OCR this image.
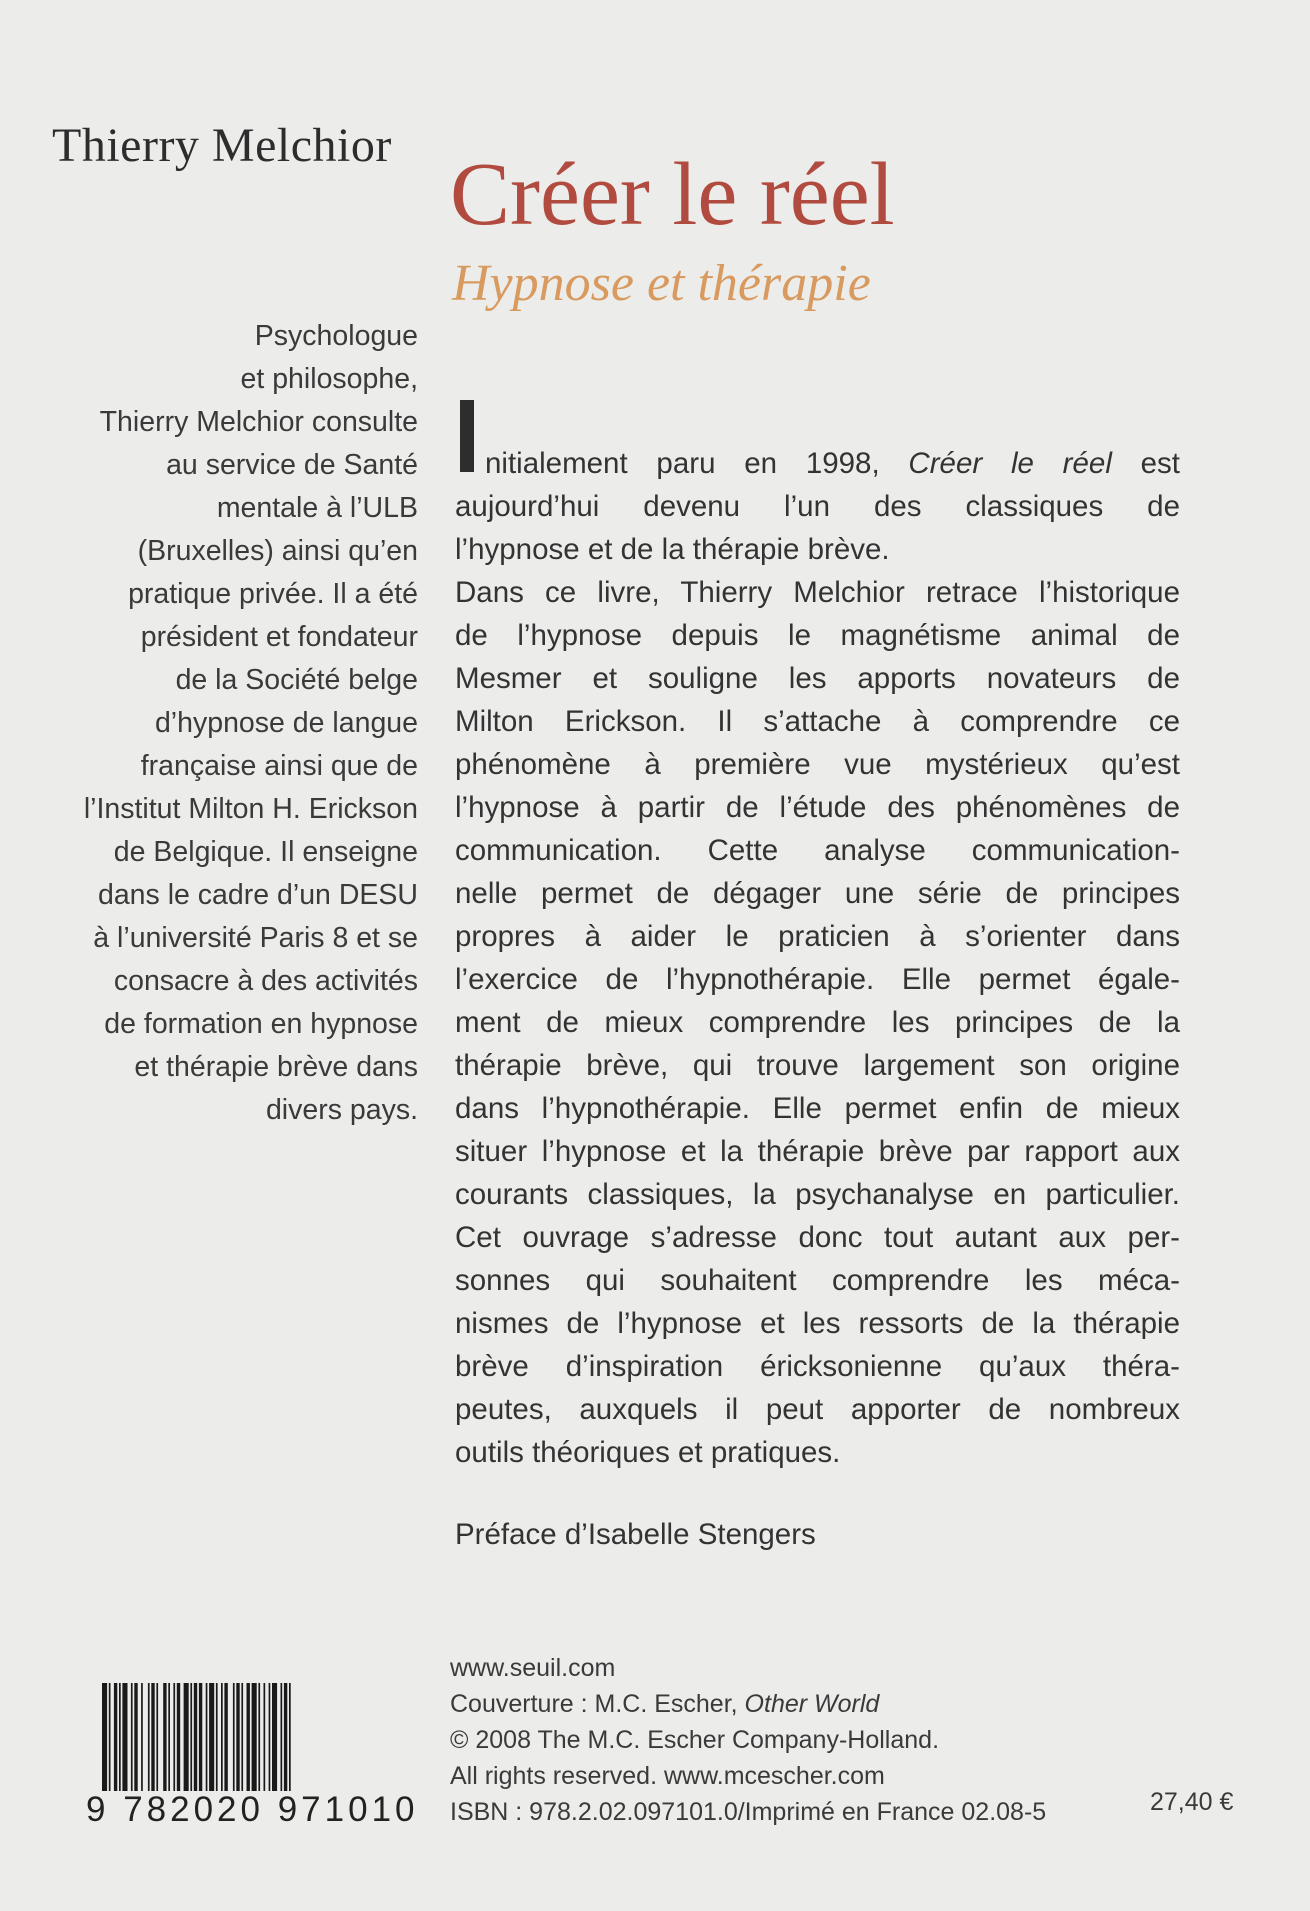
Thierry Melchior Créer le réel
Hypnose et thérapie
Psychologue
et philosophe,
Thierry Melchior consulte
au service de Santé
mentale à l’ULB
(Bruxelles) ainsi qu’en
pratique privée. Il a été
président et fondateur
de la Société belge
d’hypnose de langue
française ainsi que de
l’Institut Milton H. Erickson
de Belgique. Il enseigne
dans le cadre d’un DESU
à l’université Paris 8 et se
consacre à des activités
de formation en hypnose
et thérapie brève dans
divers pays.
nitialement paru en 1998, Créer le réel est
aujourd’hui devenu l’un des classiques de
l’hypnose et de la thérapie brève.
Dans ce livre, Thierry Melchior retrace l’historique
de l’hypnose depuis le magnétisme animal de
Mesmer et souligne les apports novateurs de
Milton Erickson. Il s’attache à comprendre ce
phénomène à première vue mystérieux qu’est
l’hypnose à partir de l’étude des phénomènes de
communication. Cette analyse communication-
nelle permet de dégager une série de principes
propres à aider le praticien à s’orienter dans
l’exercice de l’hypnothérapie. Elle permet égale-
ment de mieux comprendre les principes de la
thérapie brève, qui trouve largement son origine
dans l’hypnothérapie. Elle permet enfin de mieux
situer l’hypnose et la thérapie brève par rapport aux
courants classiques, la psychanalyse en particulier.
Cet ouvrage s’adresse donc tout autant aux per-
sonnes qui souhaitent comprendre les méca-
nismes de l’hypnose et les ressorts de la thérapie
brève d’inspiration éricksonienne qu’aux théra-
peutes, auxquels il peut apporter de nombreux
outils théoriques et pratiques.
Préface d’Isabelle Stengers
www.seuil.com
Couverture : M.C. Escher, Other World
© 2008 The M.C. Escher Company-Holland.
All rights reserved. www.mcescher.com
ISBN : 978.2.02.097101.0/Imprimé en France 02.08-5	27,40 €
9 782020 971010
